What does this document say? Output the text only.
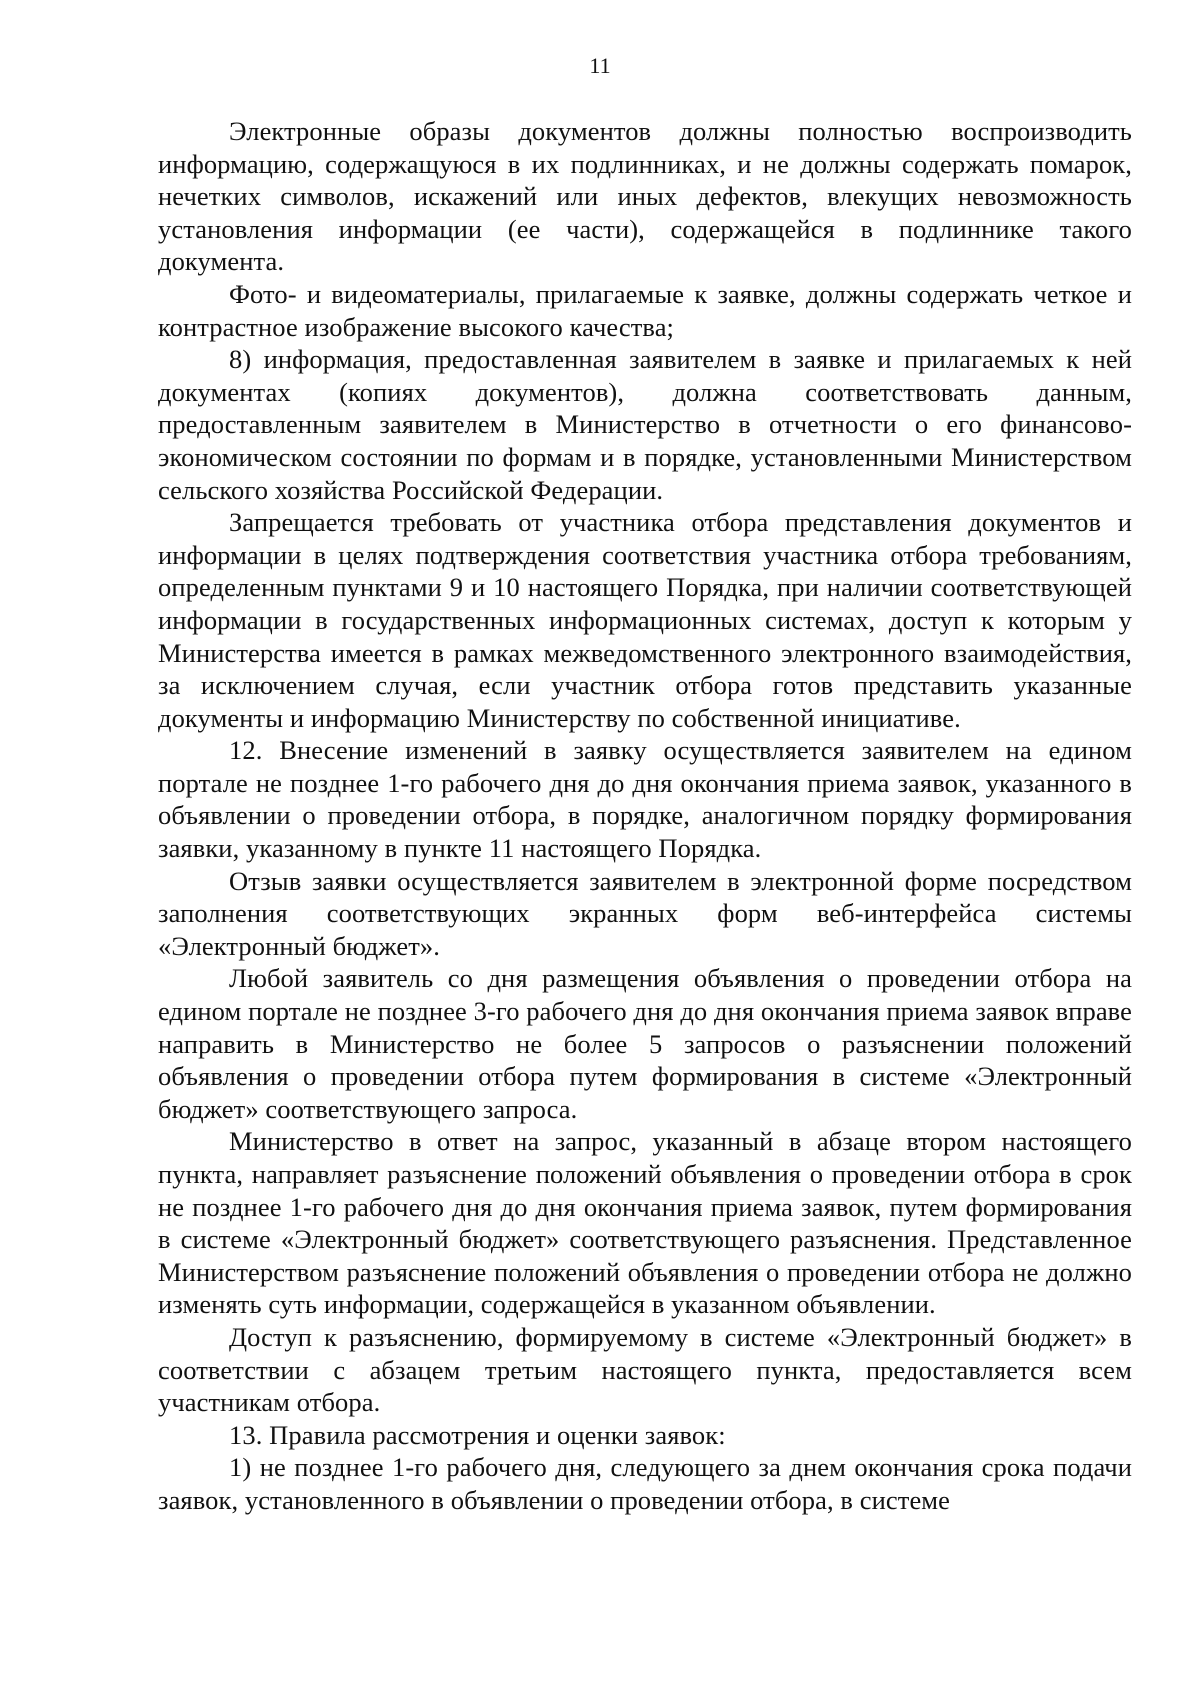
11

Электронные образы документов должны полностью воспроизводить информацию, содержащуюся в их подлинниках, и не должны содержать помарок, нечетких символов, искажений или иных дефектов, влекущих невозможность установления информации (ее части), содержащейся в подлиннике такого документа.

Фото- и видеоматериалы, прилагаемые к заявке, должны содержать четкое и контрастное изображение высокого качества;

8) информация, предоставленная заявителем в заявке и прилагаемых к ней документах (копиях документов), должна соответствовать данным, предоставленным заявителем в Министерство в отчетности о его финансово-экономическом состоянии по формам и в порядке, установленными Министерством сельского хозяйства Российской Федерации.

Запрещается требовать от участника отбора представления документов и информации в целях подтверждения соответствия участника отбора требованиям, определенным пунктами 9 и 10 настоящего Порядка, при наличии соответствующей информации в государственных информационных системах, доступ к которым у Министерства имеется в рамках межведомственного электронного взаимодействия, за исключением случая, если участник отбора готов представить указанные документы и информацию Министерству по собственной инициативе.

12. Внесение изменений в заявку осуществляется заявителем на едином портале не позднее 1-го рабочего дня до дня окончания приема заявок, указанного в объявлении о проведении отбора, в порядке, аналогичном порядку формирования заявки, указанному в пункте 11 настоящего Порядка.

Отзыв заявки осуществляется заявителем в электронной форме посредством заполнения соответствующих экранных форм веб-интерфейса системы «Электронный бюджет».

Любой заявитель со дня размещения объявления о проведении отбора на едином портале не позднее 3-го рабочего дня до дня окончания приема заявок вправе направить в Министерство не более 5 запросов о разъяснении положений объявления о проведении отбора путем формирования в системе «Электронный бюджет» соответствующего запроса.

Министерство в ответ на запрос, указанный в абзаце втором настоящего пункта, направляет разъяснение положений объявления о проведении отбора в срок не позднее 1-го рабочего дня до дня окончания приема заявок, путем формирования в системе «Электронный бюджет» соответствующего разъяснения. Представленное Министерством разъяснение положений объявления о проведении отбора не должно изменять суть информации, содержащейся в указанном объявлении.

Доступ к разъяснению, формируемому в системе «Электронный бюджет» в соответствии с абзацем третьим настоящего пункта, предоставляется всем участникам отбора.

13. Правила рассмотрения и оценки заявок:

1) не позднее 1-го рабочего дня, следующего за днем окончания срока подачи заявок, установленного в объявлении о проведении отбора, в системе
